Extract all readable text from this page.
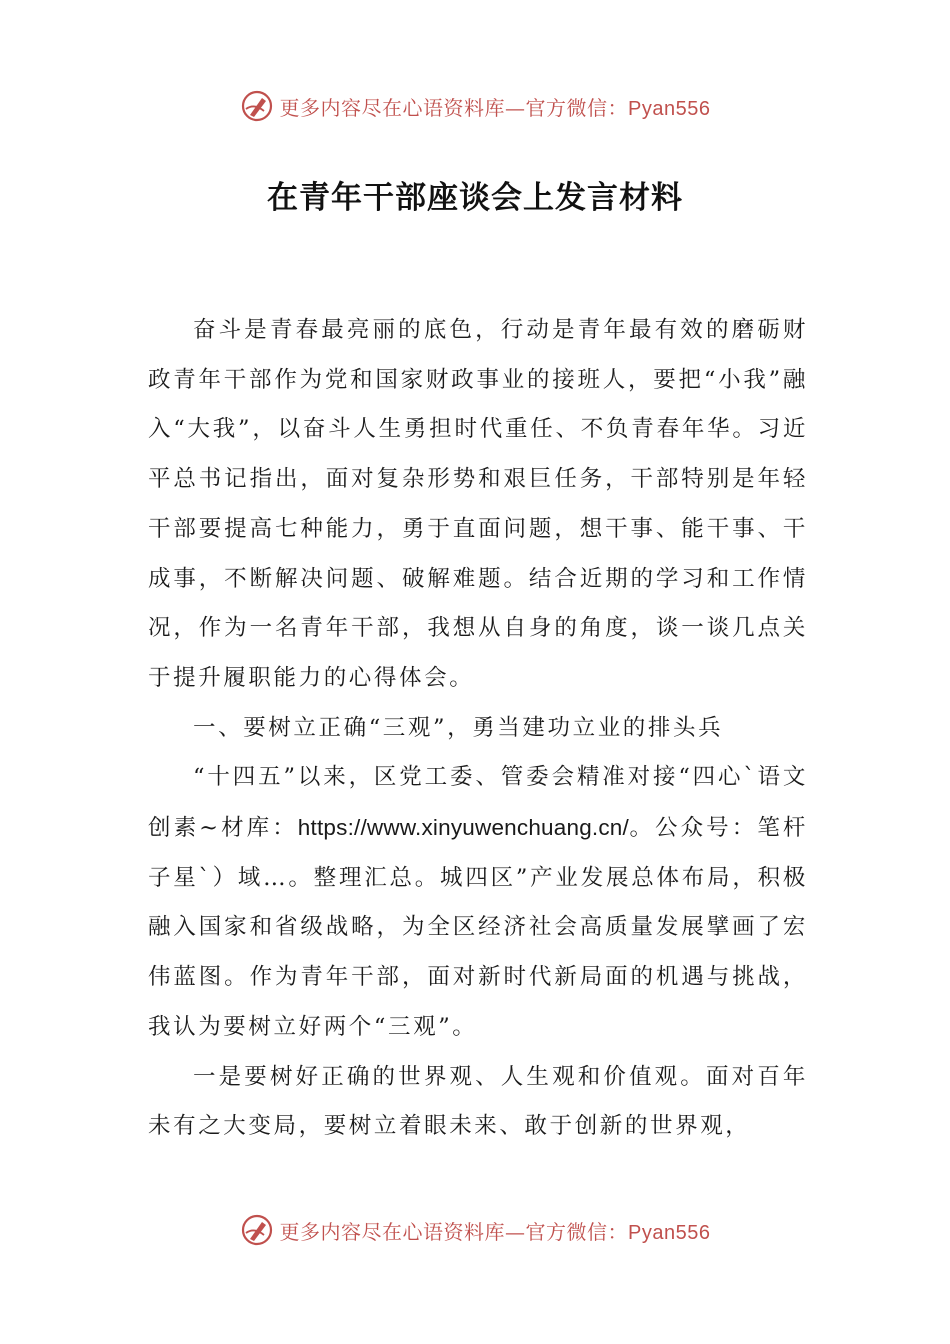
更多内容尽在心语资料库—官方微信：Pyan556
在青年干部座谈会上发言材料

奋斗是青春最亮丽的底色，行动是青年最有效的磨砺财政青年干部作为党和国家财政事业的接班人，要把“小我”融入“大我”，以奋斗人生勇担时代重任、不负青春年华。习近平总书记指出，面对复杂形势和艰巨任务，干部特别是年轻干部要提高七种能力，勇于直面问题，想干事、能干事、干成事，不断解决问题、破解难题。结合近期的学习和工作情况，作为一名青年干部，我想从自身的角度，谈一谈几点关于提升履职能力的心得体会。

一、要树立正确“三观”，勇当建功立业的排头兵

“十四五”以来，区党工委、管委会精准对接“四心`语文创素~材库：https://www.xinyuwenchuang.cn/。公众号：笔杆子星`）域…。整理汇总。城四区”产业发展总体布局，积极融入国家和省级战略，为全区经济社会高质量发展擘画了宏伟蓝图。作为青年干部，面对新时代新局面的机遇与挑战，我认为要树立好两个“三观”。

一是要树好正确的世界观、人生观和价值观。面对百年未有之大变局，要树立着眼未来、敢于创新的世界观，

更多内容尽在心语资料库—官方微信：Pyan556
